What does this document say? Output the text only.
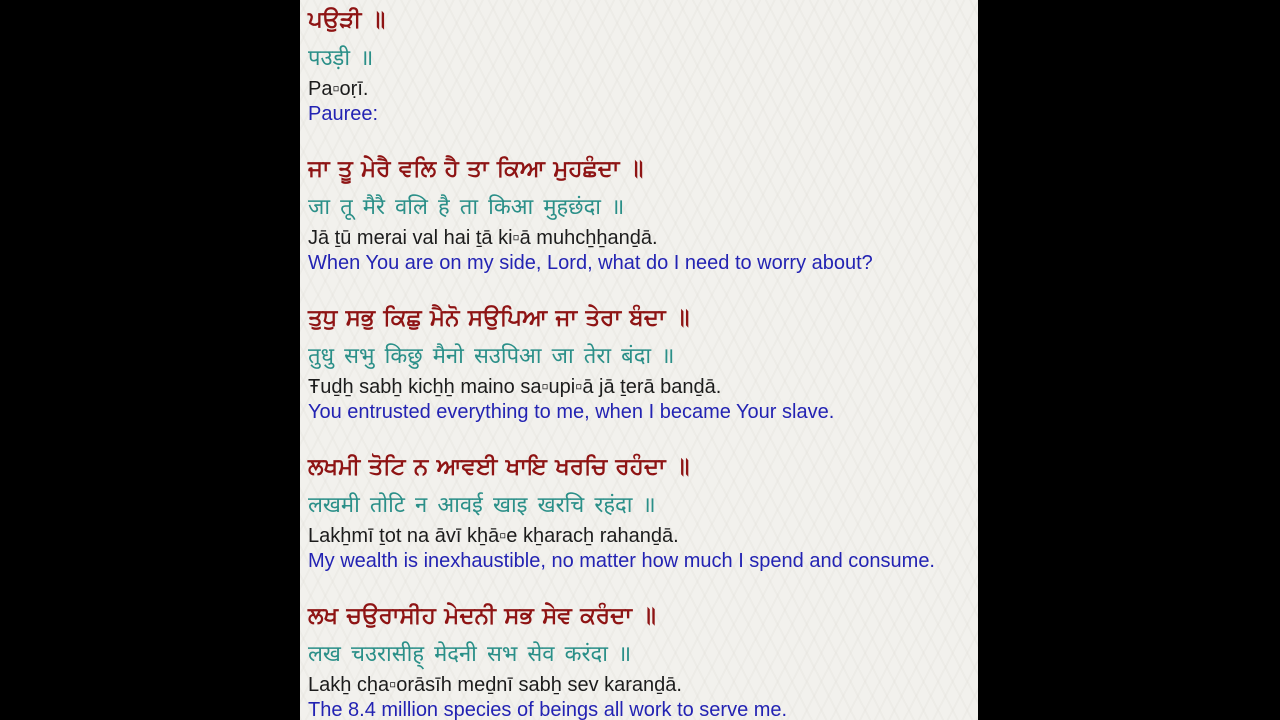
ਪਉੜੀ ॥
पउड़ी ॥
Pa▫oṛī.
Pauree:
ਜਾ ਤੂ ਮੇਰੈ ਵਲਿ ਹੈ ਤਾ ਕਿਆ ਮੁਹਛੰਦਾ ॥
जा तू मैरै वलि है ता किआ मुहछंदा ॥
Jā ṯū merai val hai ṯā ki▫ā muhcẖẖanḏā.
When You are on my side, Lord, what do I need to worry about?
ਤੁਧੁ ਸਭੁ ਕਿਛੁ ਮੈਨੋ ਸਉਪਿਆ ਜਾ ਤੇਰਾ ਬੰਦਾ ॥
तुधु सभु किछु मैनो सउपिआ जा तेरा बंदा ॥
Ŧuḏẖ sabẖ kicẖẖ maino sa▫upi▫ā jā ṯerā banḏā.
You entrusted everything to me, when I became Your slave.
ਲਖਮੀ ਤੋਟਿ ਨ ਆਵਈ ਖਾਇ ਖਰਚਿ ਰਹੰਦਾ ॥
लखमी तोटि न आवई खाइ खरचि रहंदा ॥
Lakẖmī ṯot na āvī kẖā▫e kẖaracẖ rahanḏā.
My wealth is inexhaustible, no matter how much I spend and consume.
ਲਖ ਚਉਰਾਸੀਹ ਮੇਦਨੀ ਸਭ ਸੇਵ ਕਰੰਦਾ ॥
लख चउरासीह् मेदनी सभ सेव करंदा ॥
Lakẖ cẖa▫orāsīh meḏnī sabẖ sev karanḏā.
The 8.4 million species of beings all work to serve me.
